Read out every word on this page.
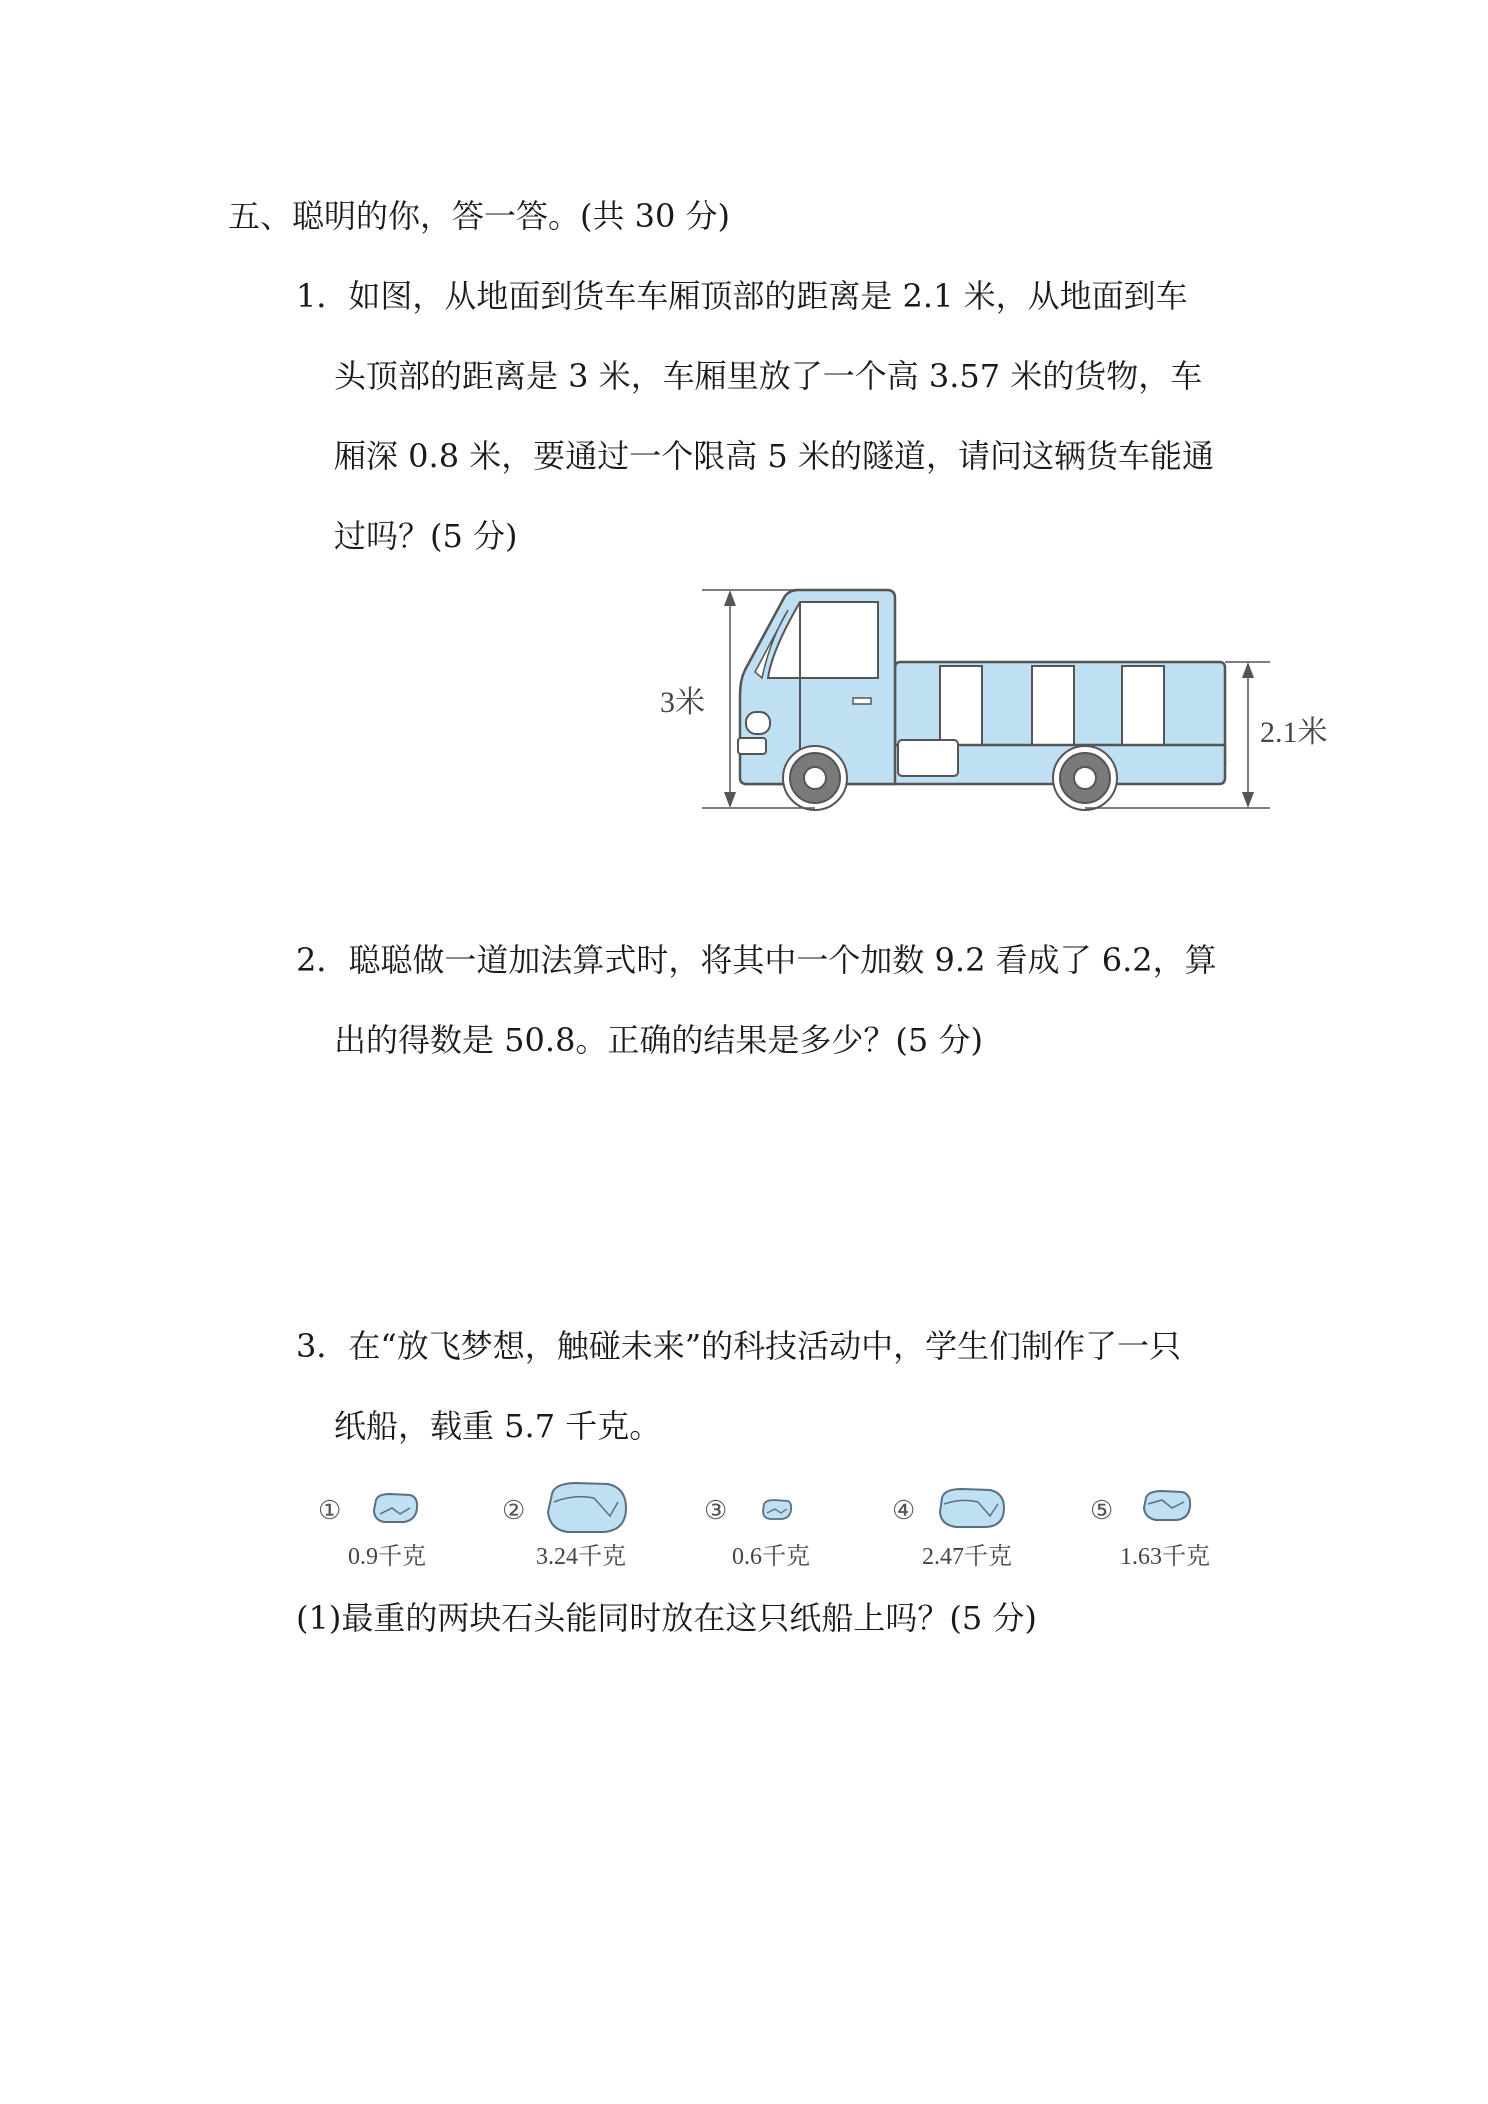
五、聪明的你，答一答。(共 30 分)
1．如图，从地面到货车车厢顶部的距离是 2.1 米，从地面到车
头顶部的距离是 3 米，车厢里放了一个高 3.57 米的货物，车
厢深 0.8 米，要通过一个限高 5 米的隧道，请问这辆货车能通
过吗？(5 分)
3米
2.1米
2．聪聪做一道加法算式时，将其中一个加数 9.2 看成了 6.2，算
出的得数是 50.8。正确的结果是多少？(5 分)
3．在“放飞梦想，触碰未来”的科技活动中，学生们制作了一只
纸船，载重 5.7 千克。
①
0.9千克
②
3.24千克
③
0.6千克
④
2.47千克
⑤
1.63千克
(1)最重的两块石头能同时放在这只纸船上吗？(5 分)
